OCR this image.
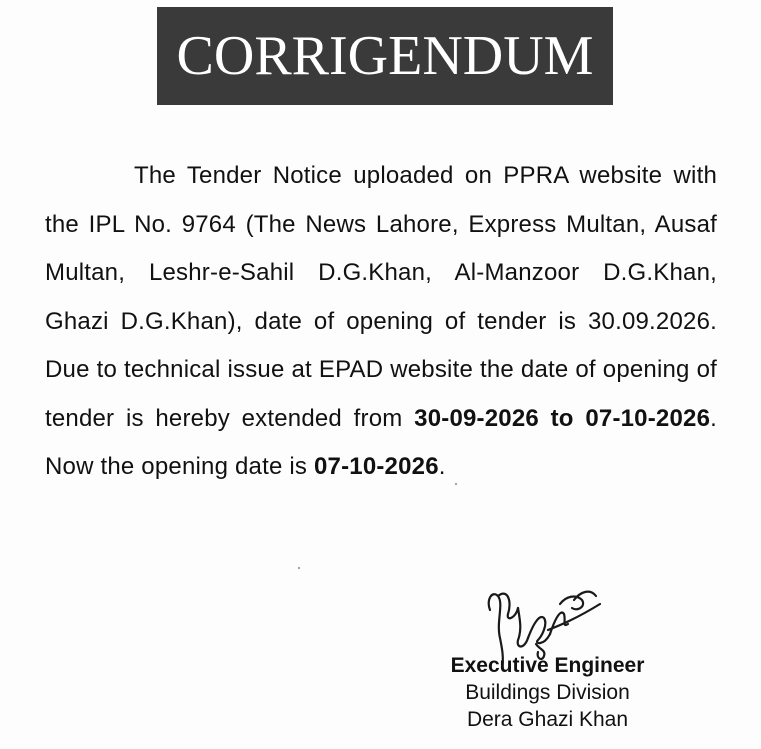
CORRIGENDUM

The Tender Notice uploaded on PPRA website with the IPL No. 9764 (The News Lahore, Express Multan, Ausaf Multan, Leshr-e-Sahil D.G.Khan, Al-Manzoor D.G.Khan, Ghazi D.G.Khan), date of opening of tender is 30.09.2026. Due to technical issue at EPAD website the date of opening of tender is hereby extended from 30-09-2026 to 07-10-2026. Now the opening date is 07-10-2026.

Executive Engineer
Buildings Division
Dera Ghazi Khan
